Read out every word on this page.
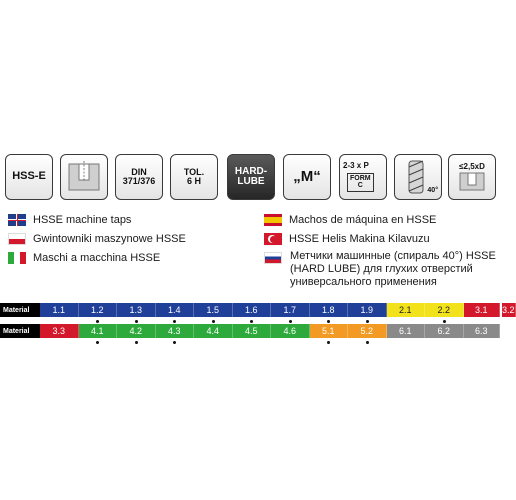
HSS-E	DIN
371/376
TOL.
6 H
HARD-
LUBE „M“
2-3 x P
FORM
C
40°
≤2,5xD
HSSE machine taps
Gwintowniki maszynowe HSSE
Maschi a macchina HSSE
Machos de máquina en HSSE
HSSE Helis Makina Kilavuzu
Метчики машинные (спираль 40°) HSSE (HARD LUBE) для глухих отверстий универсального применения
Material	1.1	1.2	1.3	1.4	1.5	1.6	1.7	1.8	1.9	2.1	2.2	3.1	3.2
Material	3.3	4.1	4.2	4.3	4.4	4.5	4.6	5.1	5.2	6.1	6.2	6.3
